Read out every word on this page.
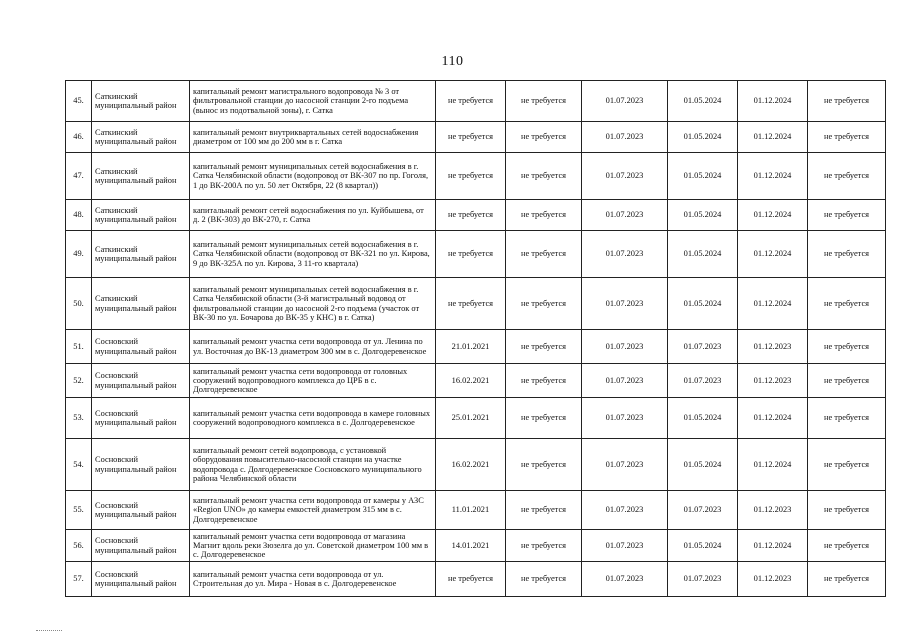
110
45.	Саткинский муниципальный район	капитальный ремонт магистрального водопровода № 3 от фильтровальной станции до насосной станции 2-го подъема (вынос из подотвальной зоны), г. Сатка	не требуется	не требуется	01.07.2023	01.05.2024	01.12.2024	не требуется
46.	Саткинский муниципальный район	капитальный ремонт внутриквартальных сетей водоснабжения диаметром от 100 мм до 200 мм в г. Сатка	не требуется	не требуется	01.07.2023	01.05.2024	01.12.2024	не требуется
47.	Саткинский муниципальный район	капитальный ремонт муниципальных сетей водоснабжения в г. Сатка Челябинской области (водопровод от ВК-307 по пр. Гоголя, 1 до ВК-200А по ул. 50 лет Октября, 22 (8 квартал))	не требуется	не требуется	01.07.2023	01.05.2024	01.12.2024	не требуется
48.	Саткинский муниципальный район	капитальный ремонт сетей водоснабжения по ул. Куйбышева, от д. 2 (ВК-303) до ВК-270, г. Сатка	не требуется	не требуется	01.07.2023	01.05.2024	01.12.2024	не требуется
49.	Саткинский муниципальный район	капитальный ремонт муниципальных сетей водоснабжения в г. Сатка Челябинской области (водопровод от ВК-321 по ул. Кирова, 9 до ВК-325А по ул. Кирова, 3 11-го квартала)	не требуется	не требуется	01.07.2023	01.05.2024	01.12.2024	не требуется
50.	Саткинский муниципальный район	капитальный ремонт муниципальных сетей водоснабжения в г. Сатка Челябинской области (3-й магистральный водовод от фильтровальной станции до насосной 2-го подъема (участок от ВК-30 по ул. Бочарова до ВК-35 у КНС) в г. Сатка)	не требуется	не требуется	01.07.2023	01.05.2024	01.12.2024	не требуется
51.	Сосновский муниципальный район	капитальный ремонт участка сети водопровода от ул. Ленина по ул. Восточная до ВК-13 диаметром 300 мм в с. Долгодеревенское	21.01.2021	не требуется	01.07.2023	01.07.2023	01.12.2023	не требуется
52.	Сосновский муниципальный район	капитальный ремонт участка сети водопровода от головных сооружений водопроводного комплекса до ЦРБ в с. Долгодеревенское	16.02.2021	не требуется	01.07.2023	01.07.2023	01.12.2023	не требуется
53.	Сосновский муниципальный район	капитальный ремонт участка сети водопровода в камере головных сооружений водопроводного комплекса в с. Долгодеревенское	25.01.2021	не требуется	01.07.2023	01.05.2024	01.12.2024	не требуется
54.	Сосновский муниципальный район	капитальный ремонт сетей водопровода, с установкой оборудования повысительно-насосной станции на участке водопровода с. Долгодеревенское Сосновского муниципального района Челябинской области	16.02.2021	не требуется	01.07.2023	01.05.2024	01.12.2024	не требуется
55.	Сосновский муниципальный район	капитальный ремонт участка сети водопровода от камеры у АЗС «Region UNO» до камеры емкостей диаметром 315 мм в с. Долгодеревенское	11.01.2021	не требуется	01.07.2023	01.07.2023	01.12.2023	не требуется
56.	Сосновский муниципальный район	капитальный ремонт участка сети водопровода от магазина Магнит вдоль реки Зюзелга до ул. Советской диаметром 100 мм в с. Долгодеревенское	14.01.2021	не требуется	01.07.2023	01.05.2024	01.12.2024	не требуется
57.	Сосновский муниципальный район	капитальный ремонт участка сети водопровода от ул. Строительная до ул. Мира - Новая в с. Долгодеревенское	не требуется	не требуется	01.07.2023	01.07.2023	01.12.2023	не требуется
